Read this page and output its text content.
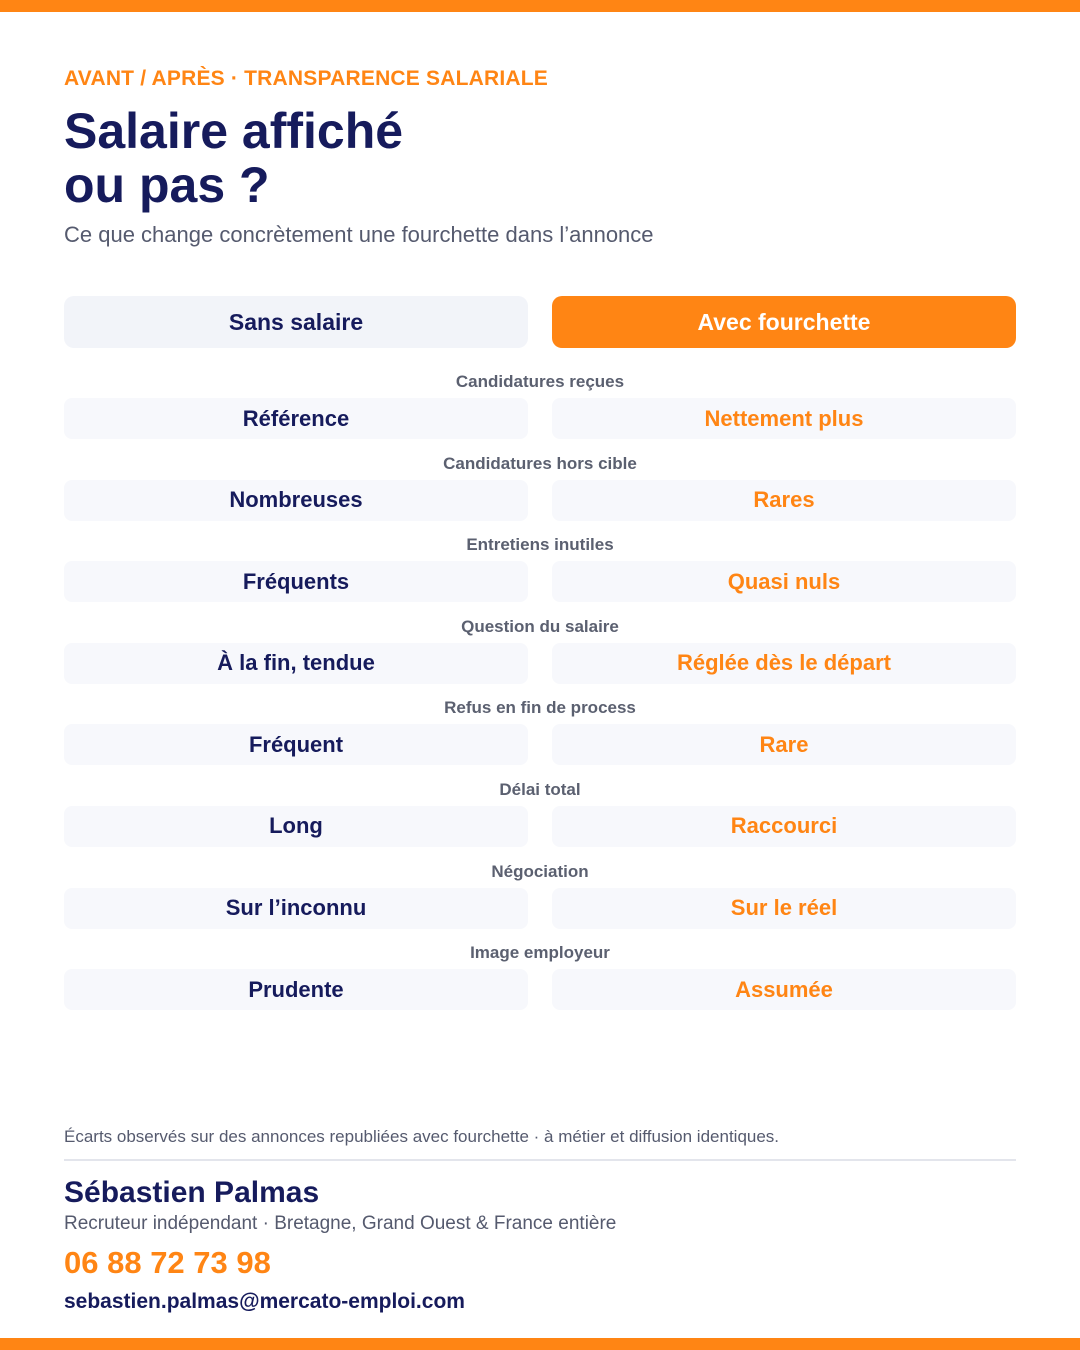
AVANT / APRÈS · TRANSPARENCE SALARIALE
Salaire affiché
ou pas ?
Ce que change concrètement une fourchette dans l’annonce
Sans salaire	Avec fourchette
Candidatures reçues
Référence	Nettement plus
Candidatures hors cible
Nombreuses	Rares
Entretiens inutiles
Fréquents	Quasi nuls
Question du salaire
À la fin, tendue	Réglée dès le départ
Refus en fin de process
Fréquent	Rare
Délai total
Long	Raccourci
Négociation
Sur l’inconnu	Sur le réel
Image employeur
Prudente	Assumée
Écarts observés sur des annonces republiées avec fourchette · à métier et diffusion identiques.
Sébastien Palmas
Recruteur indépendant · Bretagne, Grand Ouest & France entière
06 88 72 73 98
sebastien.palmas@mercato-emploi.com
